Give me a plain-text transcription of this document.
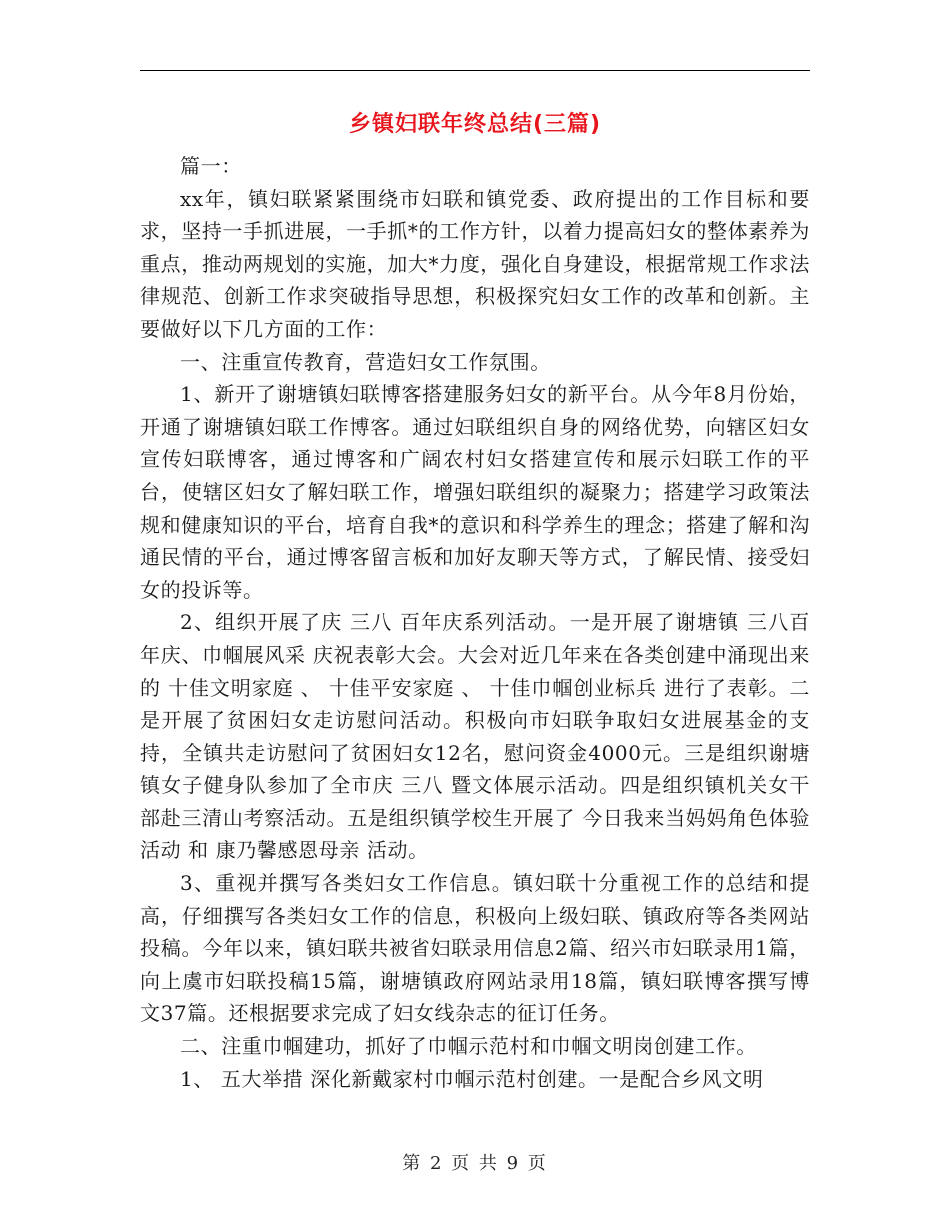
乡镇妇联年终总结(三篇)

篇一：

xx年，镇妇联紧紧围绕市妇联和镇党委、政府提出的工作目标和要求，坚持一手抓进展，一手抓*的工作方针，以着力提高妇女的整体素养为重点，推动两规划的实施，加大*力度，强化自身建设，根据常规工作求法律规范、创新工作求突破指导思想，积极探究妇女工作的改革和创新。主要做好以下几方面的工作：

一、注重宣传教育，营造妇女工作氛围。

1、新开了谢塘镇妇联博客搭建服务妇女的新平台。从今年8月份始，开通了谢塘镇妇联工作博客。通过妇联组织自身的网络优势，向辖区妇女宣传妇联博客，通过博客和广阔农村妇女搭建宣传和展示妇联工作的平台，使辖区妇女了解妇联工作，增强妇联组织的凝聚力；搭建学习政策法规和健康知识的平台，培育自我*的意识和科学养生的理念；搭建了解和沟通民情的平台，通过博客留言板和加好友聊天等方式，了解民情、接受妇女的投诉等。

2、组织开展了庆 三八 百年庆系列活动。一是开展了谢塘镇 三八百年庆、巾帼展风采 庆祝表彰大会。大会对近几年来在各类创建中涌现出来的 十佳文明家庭 、 十佳平安家庭 、 十佳巾帼创业标兵 进行了表彰。二是开展了贫困妇女走访慰问活动。积极向市妇联争取妇女进展基金的支持，全镇共走访慰问了贫困妇女12名，慰问资金4000元。三是组织谢塘镇女子健身队参加了全市庆 三八 暨文体展示活动。四是组织镇机关女干部赴三清山考察活动。五是组织镇学校生开展了 今日我来当妈妈角色体验活动 和 康乃馨感恩母亲 活动。

3、重视并撰写各类妇女工作信息。镇妇联十分重视工作的总结和提高，仔细撰写各类妇女工作的信息，积极向上级妇联、镇政府等各类网站投稿。今年以来，镇妇联共被省妇联录用信息2篇、绍兴市妇联录用1篇，向上虞市妇联投稿15篇，谢塘镇政府网站录用18篇，镇妇联博客撰写博文37篇。还根据要求完成了妇女线杂志的征订任务。

二、注重巾帼建功，抓好了巾帼示范村和巾帼文明岗创建工作。

1、 五大举措 深化新戴家村巾帼示范村创建。一是配合乡风文明

第 2 页 共 9 页
